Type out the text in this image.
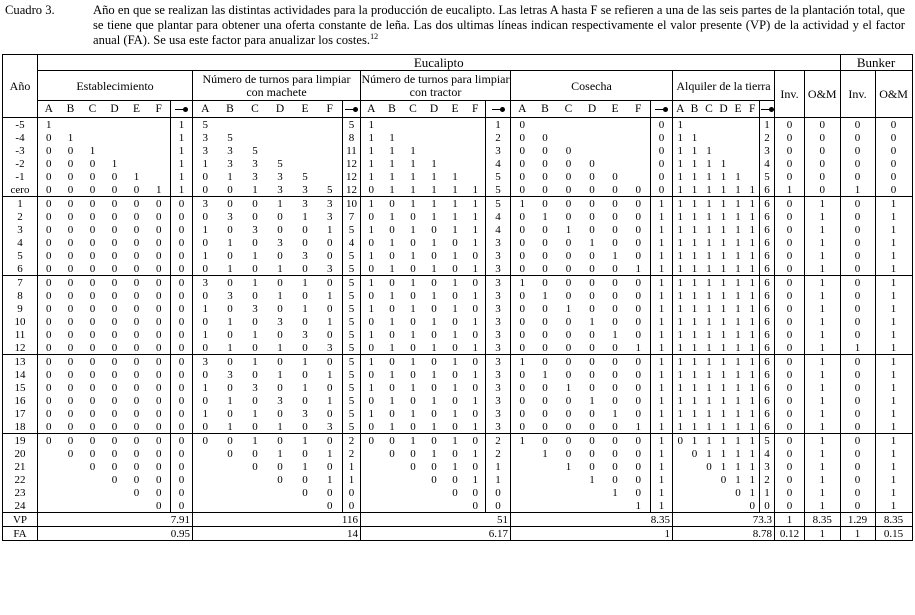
Cuadro 3.	Año en que se realizan las distintas actividades para la producción de eucalipto. Las letras A hasta F se refieren a una de las seis partes de la plantación total, que se tiene que plantar para obtener una oferta constante de leña. Las dos ultimas líneas indican respectivamente el valor presente (VP) de la actividad y el factor anual (FA). Se usa este factor para anualizar los costes.$^{12}$
Año	Eucalipto																																					Bunker	
	Establecimiento							Número de turnos para limpiar con machete							Número de turnos para limpiar con tractor							Cosecha							Alquiler de la tierra							Inv.	O&M	Inv.	O&M
	A	B	C	D	E	F		A	B	C	D	E	F		A	B	C	D	E	F		A	B	C	D	E	F		A	B	C	D	E	F					
-5	1						1	5						5	1						1	0						0	1						1	0	0	0	0
-4	0	1					1	3	5					8	1	1					2	0	0					0	1	1					2	0	0	0	0
-3	0	0	1				1	3	3	5				11	1	1	1				3	0	0	0				0	1	1	1				3	0	0	0	0
-2	0	0	0	1			1	1	3	3	5			12	1	1	1	1			4	0	0	0	0			0	1	1	1	1			4	0	0	0	0
-1	0	0	0	0	1		1	0	1	3	3	5		12	1	1	1	1	1		5	0	0	0	0	0		0	1	1	1	1	1		5	0	0	0	0
cero	0	0	0	0	0	1	1	0	0	1	3	3	5	12	0	1	1	1	1	1	5	0	0	0	0	0	0	0	1	1	1	1	1	1	6	1	0	1	0
1	0	0	0	0	0	0	0	3	0	0	1	3	3	10	1	0	1	1	1	1	5	1	0	0	0	0	0	1	1	1	1	1	1	1	6	0	1	0	1
2	0	0	0	0	0	0	0	0	3	0	0	1	3	7	0	1	0	1	1	1	4	0	1	0	0	0	0	1	1	1	1	1	1	1	6	0	1	0	1
3	0	0	0	0	0	0	0	1	0	3	0	0	1	5	1	0	1	0	1	1	4	0	0	1	0	0	0	1	1	1	1	1	1	1	6	0	1	0	1
4	0	0	0	0	0	0	0	0	1	0	3	0	0	4	0	1	0	1	0	1	3	0	0	0	1	0	0	1	1	1	1	1	1	1	6	0	1	0	1
5	0	0	0	0	0	0	0	1	0	1	0	3	0	5	1	0	1	0	1	0	3	0	0	0	0	1	0	1	1	1	1	1	1	1	6	0	1	0	1
6	0	0	0	0	0	0	0	0	1	0	1	0	3	5	0	1	0	1	0	1	3	0	0	0	0	0	1	1	1	1	1	1	1	1	6	0	1	0	1
7	0	0	0	0	0	0	0	3	0	1	0	1	0	5	1	0	1	0	1	0	3	1	0	0	0	0	0	1	1	1	1	1	1	1	6	0	1	0	1
8	0	0	0	0	0	0	0	0	3	0	1	0	1	5	0	1	0	1	0	1	3	0	1	0	0	0	0	1	1	1	1	1	1	1	6	0	1	0	1
9	0	0	0	0	0	0	0	1	0	3	0	1	0	5	1	0	1	0	1	0	3	0	0	1	0	0	0	1	1	1	1	1	1	1	6	0	1	0	1
10	0	0	0	0	0	0	0	0	1	0	3	0	1	5	0	1	0	1	0	1	3	0	0	0	1	0	0	1	1	1	1	1	1	1	6	0	1	0	1
11	0	0	0	0	0	0	0	1	0	1	0	3	0	5	1	0	1	0	1	0	3	0	0	0	0	1	0	1	1	1	1	1	1	1	6	0	1	0	1
12	0	0	0	0	0	0	0	0	1	0	1	0	3	5	0	1	0	1	0	1	3	0	0	0	0	0	1	1	1	1	1	1	1	1	6	0	1	1	1
13	0	0	0	0	0	0	0	3	0	1	0	1	0	5	1	0	1	0	1	0	3	1	0	0	0	0	0	1	1	1	1	1	1	1	6	0	1	0	1
14	0	0	0	0	0	0	0	0	3	0	1	0	1	5	0	1	0	1	0	1	3	0	1	0	0	0	0	1	1	1	1	1	1	1	6	0	1	0	1
15	0	0	0	0	0	0	0	1	0	3	0	1	0	5	1	0	1	0	1	0	3	0	0	1	0	0	0	1	1	1	1	1	1	1	6	0	1	0	1
16	0	0	0	0	0	0	0	0	1	0	3	0	1	5	0	1	0	1	0	1	3	0	0	0	1	0	0	1	1	1	1	1	1	1	6	0	1	0	1
17	0	0	0	0	0	0	0	1	0	1	0	3	0	5	1	0	1	0	1	0	3	0	0	0	0	1	0	1	1	1	1	1	1	1	6	0	1	0	1
18	0	0	0	0	0	0	0	0	1	0	1	0	3	5	0	1	0	1	0	1	3	0	0	0	0	0	1	1	1	1	1	1	1	1	6	0	1	0	1
19	0	0	0	0	0	0	0	0	0	1	0	1	0	2	0	0	1	0	1	0	2	1	0	0	0	0	0	1	0	1	1	1	1	1	5	0	1	0	1
20		0	0	0	0	0	0		0	0	1	0	1	2		0	0	1	0	1	2		1	0	0	0	0	1		0	1	1	1	1	4	0	1	0	1
21			0	0	0	0	0			0	0	1	0	1			0	0	1	0	1			1	0	0	0	1			0	1	1	1	3	0	1	0	1
22				0	0	0	0				0	0	1	1				0	0	1	1				1	0	0	1				0	1	1	2	0	1	0	1
23					0	0	0					0	0	0					0	0	0					1	0	1					0	1	1	0	1	0	1
24						0	0						0	0						0	0						1	1						0	0	0	1	0	1
VP	7.91							116							51							8.35							73.3							1	8.35	1.29	8.35
FA	0.95							14							6.17							1							8.78							0.12	1	1	0.15
